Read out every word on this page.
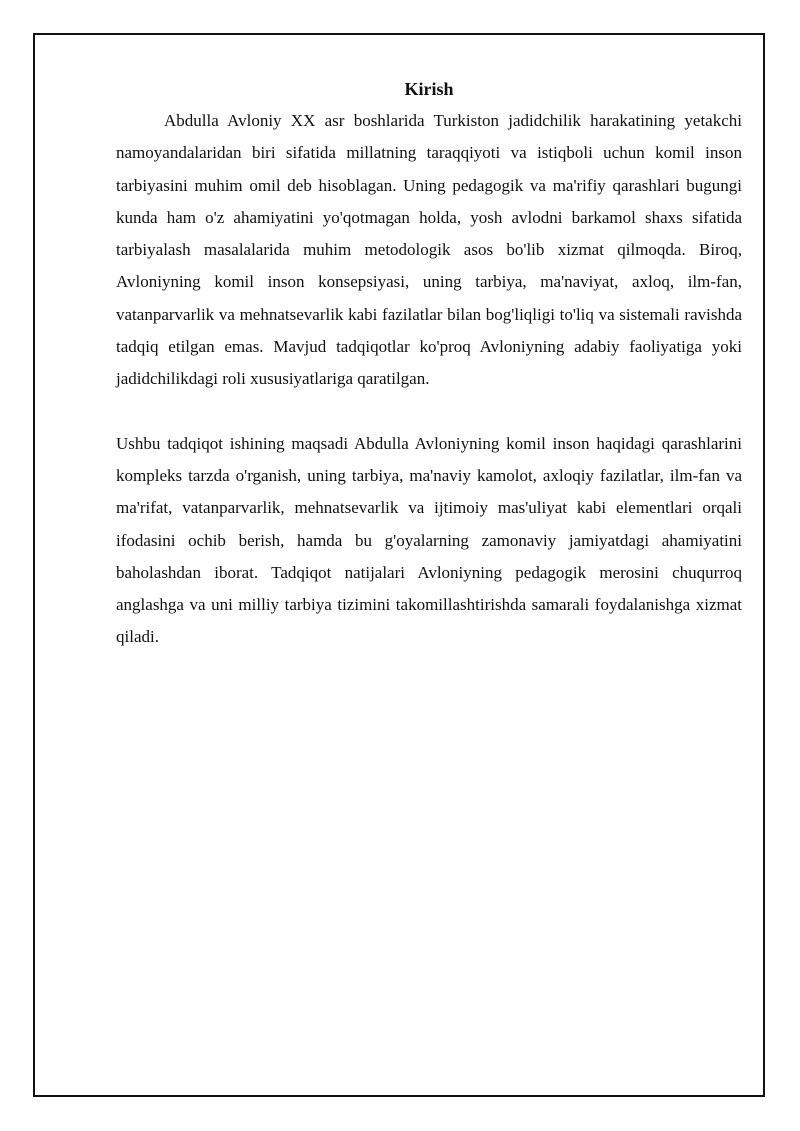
Kirish

Abdulla Avloniy XX asr boshlarida Turkiston jadidchilik harakatining yetakchi namoyandalaridan biri sifatida millatning taraqqiyoti va istiqboli uchun komil inson tarbiyasini muhim omil deb hisoblagan. Uning pedagogik va ma'rifiy qarashlari bugungi kunda ham o'z ahamiyatini yo'qotmagan holda, yosh avlodni barkamol shaxs sifatida tarbiyalash masalalarida muhim metodologik asos bo'lib xizmat qilmoqda. Biroq, Avloniyning komil inson konsepsiyasi, uning tarbiya, ma'naviyat, axloq, ilm-fan, vatanparvarlik va mehnatsevarlik kabi fazilatlar bilan bog'liqligi to'liq va sistemali ravishda tadqiq etilgan emas. Mavjud tadqiqotlar ko'proq Avloniyning adabiy faoliyatiga yoki jadidchilikdagi roli xususiyatlariga qaratilgan.

Ushbu tadqiqot ishining maqsadi Abdulla Avloniyning komil inson haqidagi qarashlarini kompleks tarzda o'rganish, uning tarbiya, ma'naviy kamolot, axloqiy fazilatlar, ilm-fan va ma'rifat, vatanparvarlik, mehnatsevarlik va ijtimoiy mas'uliyat kabi elementlari orqali ifodasini ochib berish, hamda bu g'oyalarning zamonaviy jamiyatdagi ahamiyatini baholashdan iborat. Tadqiqot natijalari Avloniyning pedagogik merosini chuqurroq anglashga va uni milliy tarbiya tizimini takomillashtirishda samarali foydalanishga xizmat qiladi.
